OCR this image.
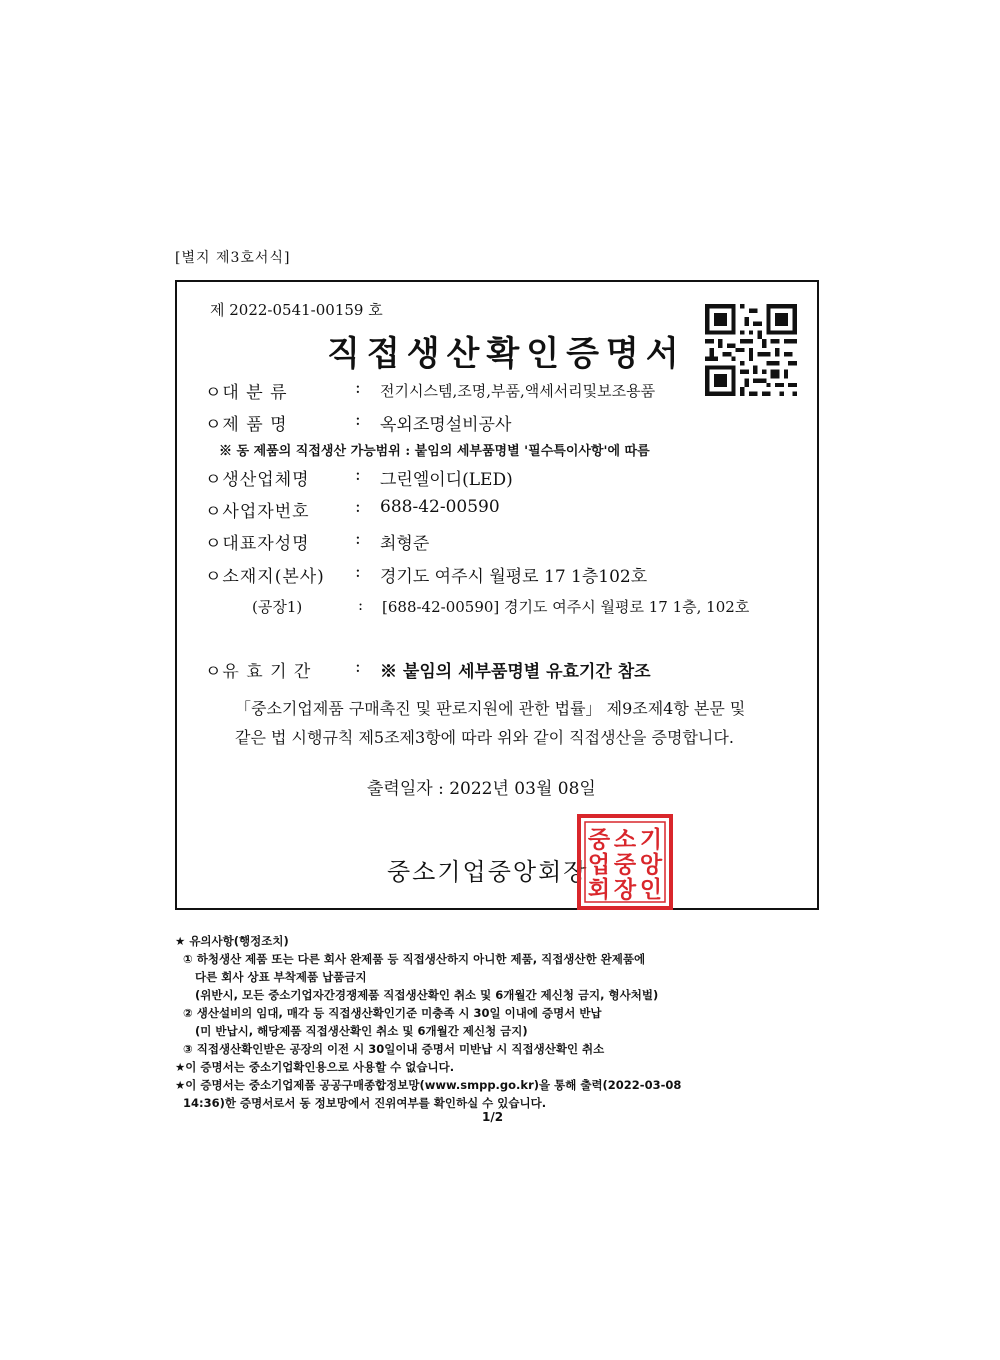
[별지 제3호서식]
제 2022-0541-00159 호
직접생산확인증명서
ㅇ대 분 류	: 전기시스템,조명,부품,액세서리및보조용품
ㅇ제 품 명	: 옥외조명설비공사
※ 동 제품의 직접생산 가능범위 : 붙임의 세부품명별 '필수특이사항'에 따름
ㅇ생산업체명	: 그린엘이디(LED)
ㅇ사업자번호	: 688-42-00590
ㅇ대표자성명	: 최형준
ㅇ소재지(본사) : 경기도 여주시 월평로 17 1층102호
(공장1)	: [688-42-00590] 경기도 여주시 월평로 17 1층, 102호
ㅇ유 효 기 간	: ※ 붙임의 세부품명별 유효기간 참조
「중소기업제품 구매촉진 및 판로지원에 관한 법률」 제9조제4항 본문 및
같은 법 시행규칙 제5조제3항에 따라 위와 같이 직접생산을 증명합니다.
출력일자 : 2022년 03월 08일
중소기업중앙회장
중 소 기
업 중 앙
회 장 인
★ 유의사항(행정조치)
① 하청생산 제품 또는 다른 회사 완제품 등 직접생산하지 아니한 제품, 직접생산한 완제품에
다른 회사 상표 부착제품 납품금지
(위반시, 모든 중소기업자간경쟁제품 직접생산확인 취소 및 6개월간 제신청 금지, 형사처벌)
② 생산설비의 임대, 매각 등 직접생산확인기준 미충족 시 30일 이내에 증명서 반납
(미 반납시, 해당제품 직접생산확인 취소 및 6개월간 제신청 금지)
③ 직접생산확인받은 공장의 이전 시 30일이내 증명서 미반납 시 직접생산확인 취소
★이 증명서는 중소기업확인용으로 사용할 수 없습니다.
★이 증명서는 중소기업제품 공공구매종합정보망(www.smpp.go.kr)을 통해 출력(2022-03-08
14:36)한 증명서로서 동 정보망에서 진위여부를 확인하실 수 있습니다.
1/2
